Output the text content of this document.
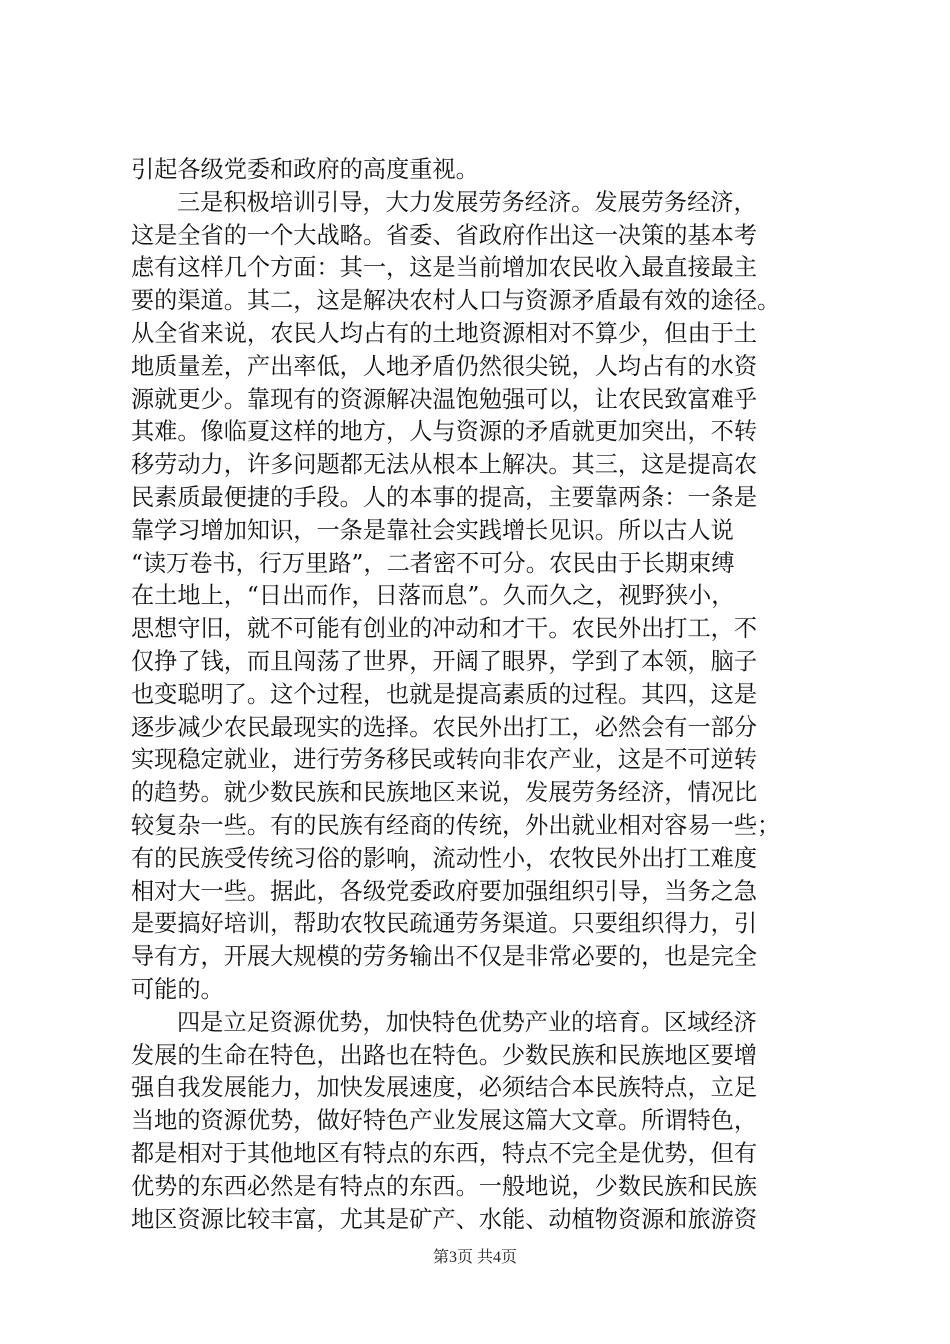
引起各级党委和政府的高度重视。
三是积极培训引导，大力发展劳务经济。发展劳务经济，
这是全省的一个大战略。省委、省政府作出这一决策的基本考
虑有这样几个方面：其一，这是当前增加农民收入最直接最主
要的渠道。其二，这是解决农村人口与资源矛盾最有效的途径。
从全省来说，农民人均占有的土地资源相对不算少，但由于土
地质量差，产出率低，人地矛盾仍然很尖锐，人均占有的水资
源就更少。靠现有的资源解决温饱勉强可以，让农民致富难乎
其难。像临夏这样的地方，人与资源的矛盾就更加突出，不转
移劳动力，许多问题都无法从根本上解决。其三，这是提高农
民素质最便捷的手段。人的本事的提高，主要靠两条：一条是
靠学习增加知识，一条是靠社会实践增长见识。所以古人说
“读万卷书，行万里路”，二者密不可分。农民由于长期束缚
在土地上，“日出而作，日落而息”。久而久之，视野狭小，
思想守旧，就不可能有创业的冲动和才干。农民外出打工，不
仅挣了钱，而且闯荡了世界，开阔了眼界，学到了本领，脑子
也变聪明了。这个过程，也就是提高素质的过程。其四，这是
逐步减少农民最现实的选择。农民外出打工，必然会有一部分
实现稳定就业，进行劳务移民或转向非农产业，这是不可逆转
的趋势。就少数民族和民族地区来说，发展劳务经济，情况比
较复杂一些。有的民族有经商的传统，外出就业相对容易一些；
有的民族受传统习俗的影响，流动性小，农牧民外出打工难度
相对大一些。据此，各级党委政府要加强组织引导，当务之急
是要搞好培训，帮助农牧民疏通劳务渠道。只要组织得力，引
导有方，开展大规模的劳务输出不仅是非常必要的，也是完全
可能的。
四是立足资源优势，加快特色优势产业的培育。区域经济
发展的生命在特色，出路也在特色。少数民族和民族地区要增
强自我发展能力，加快发展速度，必须结合本民族特点，立足
当地的资源优势，做好特色产业发展这篇大文章。所谓特色，
都是相对于其他地区有特点的东西，特点不完全是优势，但有
优势的东西必然是有特点的东西。一般地说，少数民族和民族
地区资源比较丰富，尤其是矿产、水能、动植物资源和旅游资
第3页 共4页
